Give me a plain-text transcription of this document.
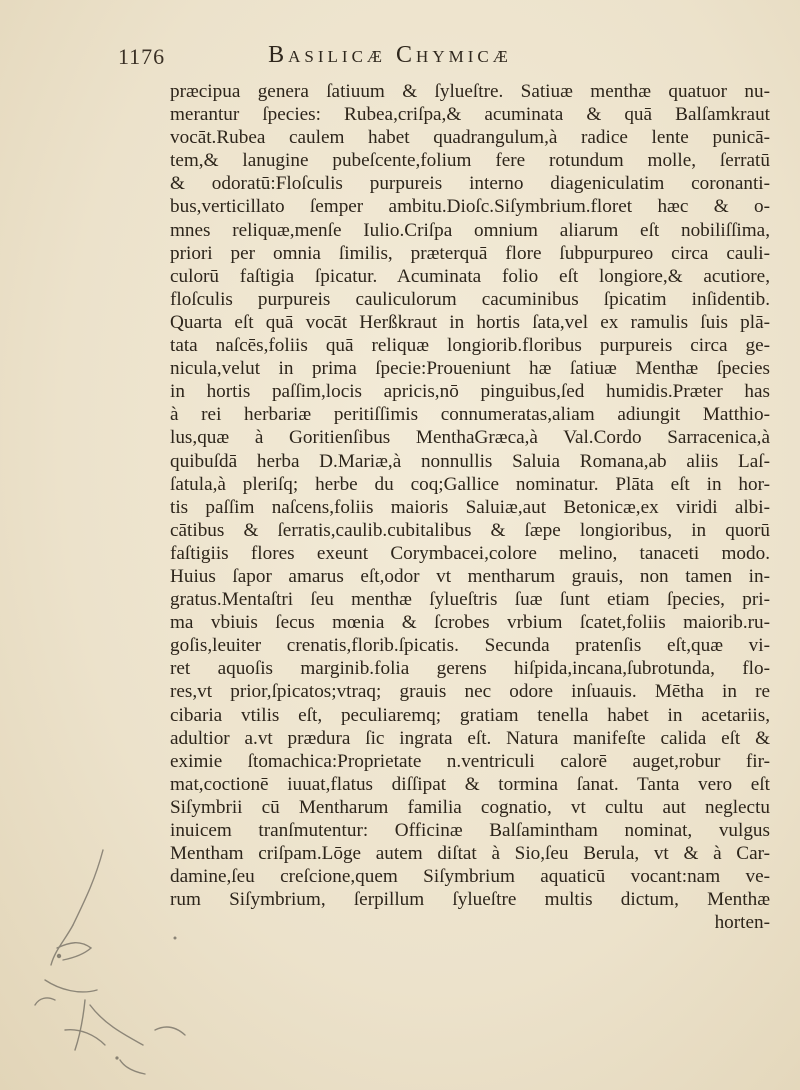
1176	Basilicæ Chymicæ
præcipua genera ſatiuum & ſylueſtre. Satiuæ menthæ quatuor nu-
merantur ſpecies: Rubea,criſpa,& acuminata & quā Balſamkraut
vocāt.Rubea caulem habet quadrangulum,à radice lente punicā-
tem,& lanugine pubeſcente,folium fere rotundum molle, ſerratū
& odoratū:Floſculis purpureis interno diageniculatim coronanti-
bus,verticillato ſemper ambitu.Dioſc.Siſymbrium.floret hæc & o-
mnes reliquæ,menſe Iulio.Criſpa omnium aliarum eſt nobiliſſima,
priori per omnia ſimilis, præterquā flore ſubpurpureo circa cauli-
culorū faſtigia ſpicatur. Acuminata folio eſt longiore,& acutiore,
floſculis purpureis cauliculorum cacuminibus ſpicatim inſidentib.
Quarta eſt quā vocāt Herßkraut in hortis ſata,vel ex ramulis ſuis plā-
tata naſcēs,foliis quā reliquæ longiorib.floribus purpureis circa ge-
nicula,velut in prima ſpecie:Proueniunt hæ ſatiuæ Menthæ ſpecies
in hortis paſſim,locis apricis,nō pinguibus,ſed humidis.Præter has
à rei herbariæ peritiſſimis connumeratas,aliam adiungit Matthio-
lus,quæ à Goritienſibus MenthaGræca,à Val.Cordo Sarracenica,à
quibuſdā herba D.Mariæ,à nonnullis Saluia Romana,ab aliis Laſ-
ſatula,à pleriſq; herbe du coq;Gallice nominatur. Plāta eſt in hor-
tis paſſim naſcens,foliis maioris Saluiæ,aut Betonicæ,ex viridi albi-
cātibus & ſerratis,caulib.cubitalibus & ſæpe longioribus, in quorū
faſtigiis flores exeunt Corymbacei,colore melino, tanaceti modo.
Huius ſapor amarus eſt,odor vt mentharum grauis, non tamen in-
gratus.Mentaſtri ſeu menthæ ſylueſtris ſuæ ſunt etiam ſpecies, pri-
ma vbiuis ſecus mœnia & ſcrobes vrbium ſcatet,foliis maiorib.ru-
goſis,leuiter crenatis,florib.ſpicatis. Secunda pratenſis eſt,quæ vi-
ret aquoſis marginib.folia gerens hiſpida,incana,ſubrotunda, flo-
res,vt prior,ſpicatos;vtraq; grauis nec odore inſuauis. Mētha in re
cibaria vtilis eſt, peculiaremq; gratiam tenella habet in acetariis,
adultior a.vt prædura ſic ingrata eſt. Natura manifeſte calida eſt &
eximie ſtomachica:Proprietate n.ventriculi calorē auget,robur fir-
mat,coctionē iuuat,flatus diſſipat & tormina ſanat. Tanta vero eſt
Siſymbrii cū Mentharum familia cognatio, vt cultu aut neglectu
inuicem tranſmutentur: Officinæ Balſamintham nominat, vulgus
Mentham criſpam.Lōge autem diſtat à Sio,ſeu Berula, vt & à Car-
damine,ſeu creſcione,quem Siſymbrium aquaticū vocant:nam ve-
rum Siſymbrium, ſerpillum ſylueſtre multis dictum, Menthæ
horten-
